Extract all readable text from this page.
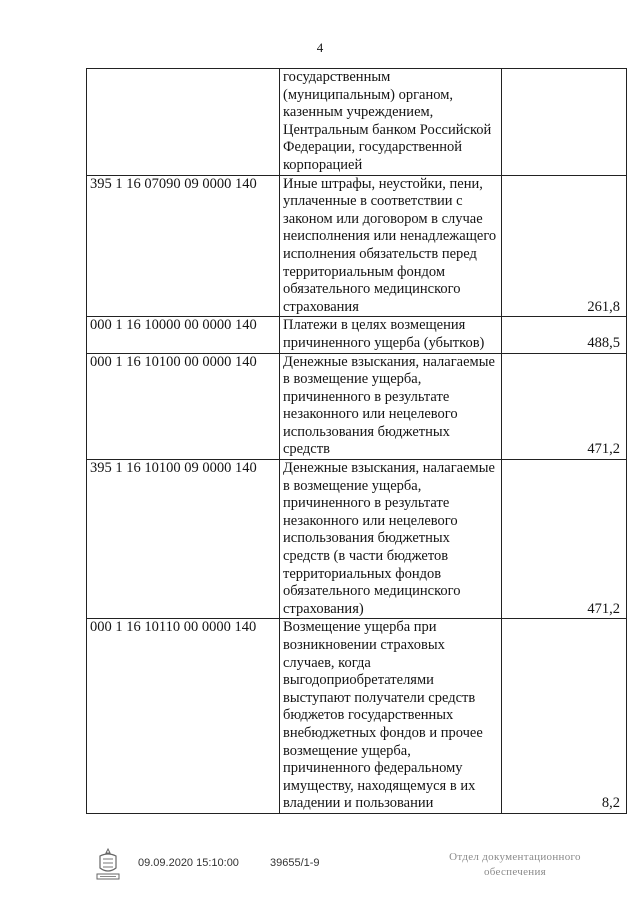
4
	государственным (муниципальным) органом, казенным учреждением, Центральным банком Российской Федерации, государственной корпорацией	
395 1 16 07090 09 0000 140	Иные штрафы, неустойки, пени, уплаченные в соответствии с законом или договором в случае неисполнения или ненадлежащего исполнения обязательств перед территориальным фондом обязательного медицинского страхования	261,8
000 1 16 10000 00 0000 140	Платежи в целях возмещения причиненного ущерба (убытков)	488,5
000 1 16 10100 00 0000 140	Денежные взыскания, налагаемые в возмещение ущерба, причиненного в результате незаконного или нецелевого использования бюджетных средств	471,2
395 1 16 10100 09 0000 140	Денежные взыскания, налагаемые в возмещение ущерба, причиненного в результате незаконного или нецелевого использования бюджетных средств (в части бюджетов территориальных фондов обязательного медицинского страхования)	471,2
000 1 16 10110 00 0000 140	Возмещение ущерба при возникновении страховых случаев, когда выгодоприобретателями выступают получатели средств бюджетов государственных внебюджетных фондов и прочее возмещение ущерба, причиненного федеральному имуществу, находящемуся в их владении и пользовании	8,2
09.09.2020 15:10:00	39655/1-9	Отдел документационного
обеспечения
